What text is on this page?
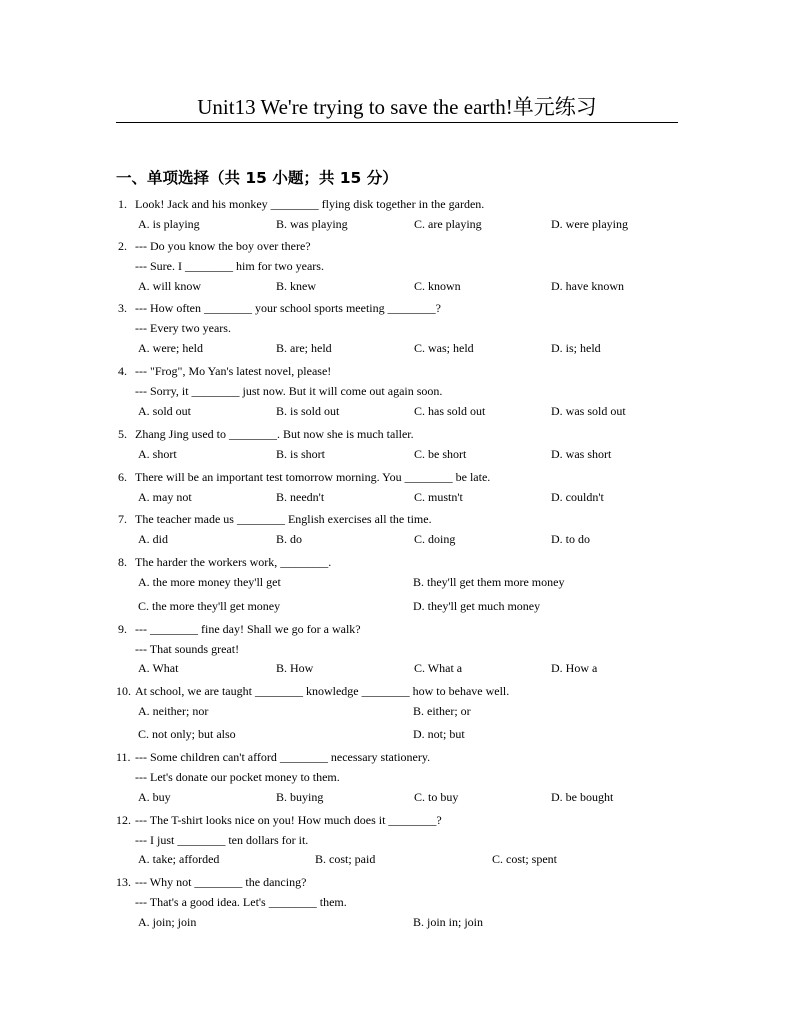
Unit13 We're trying to save the earth!单元练习
一、单项选择（共 15 小题；共 15 分）
1. Look! Jack and his monkey ________ flying disk together in the garden.
A. is playing	B. was playing	C. are playing	D. were playing
2. --- Do you know the boy over there?
--- Sure. I ________ him for two years.
A. will know	B. knew	C. known	D. have known
3. --- How often ________ your school sports meeting ________?
--- Every two years.
A. were; held	B. are; held	C. was; held	D. is; held
4. --- "Frog", Mo Yan's latest novel, please!
--- Sorry, it ________ just now. But it will come out again soon.
A. sold out	B. is sold out	C. has sold out	D. was sold out
5. Zhang Jing used to ________. But now she is much taller.
A. short	B. is short	C. be short	D. was short
6. There will be an important test tomorrow morning. You ________ be late.
A. may not	B. needn't	C. mustn't	D. couldn't
7. The teacher made us ________ English exercises all the time.
A. did	B. do	C. doing	D. to do
8. The harder the workers work, ________.
A. the more money they'll get	B. they'll get them more money
C. the more they'll get money	D. they'll get much money
9. --- ________ fine day! Shall we go for a walk?
--- That sounds great!
A. What	B. How	C. What a	D. How a
10. At school, we are taught ________ knowledge ________ how to behave well.
A. neither; nor	B. either; or
C. not only; but also	D. not; but
11. --- Some children can't afford ________ necessary stationery.
--- Let's donate our pocket money to them.
A. buy	B. buying	C. to buy	D. be bought
12. --- The T-shirt looks nice on you! How much does it ________?
--- I just ________ ten dollars for it.
A. take; afforded	B. cost; paid	C. cost; spent
13. --- Why not ________ the dancing?
--- That's a good idea. Let's ________ them.
A. join; join	B. join in; join
